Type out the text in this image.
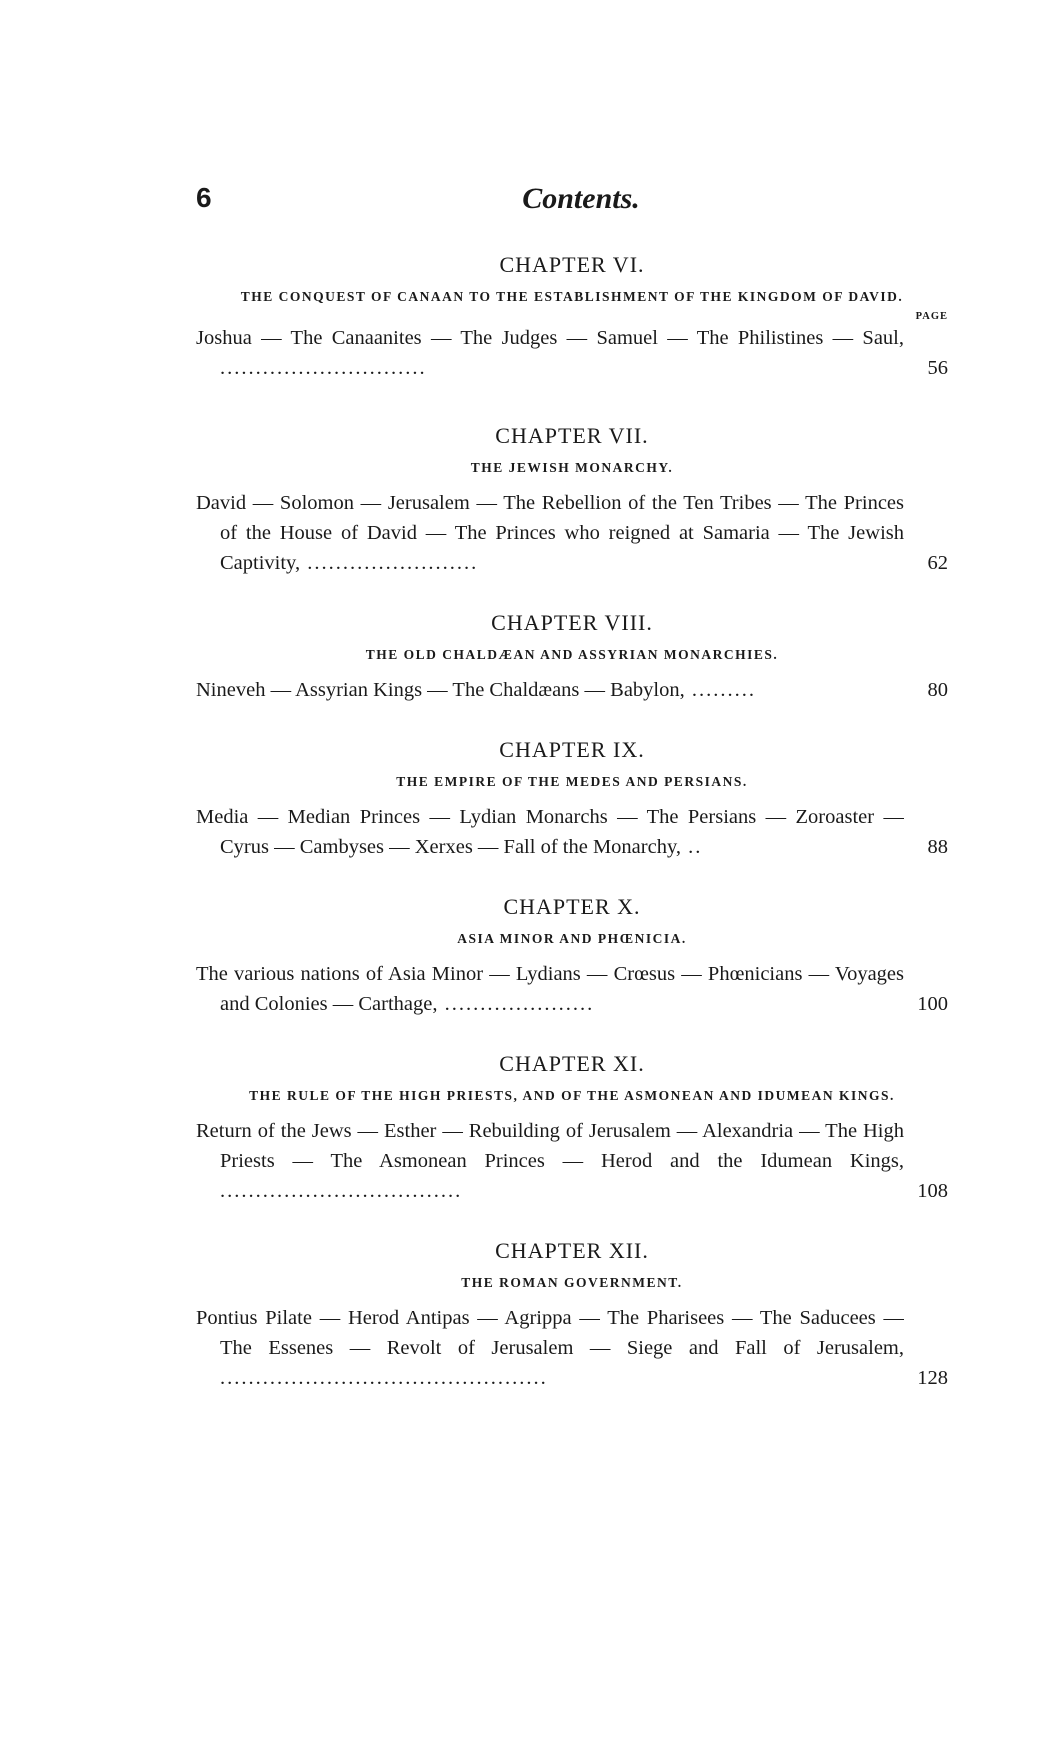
6	Contents.
CHAPTER VI.
THE CONQUEST OF CANAAN TO THE ESTABLISHMENT OF THE KINGDOM OF DAVID.
PAGE
Joshua — The Canaanites — The Judges — Samuel — The Philistines — Saul, .............................	56
CHAPTER VII.
THE JEWISH MONARCHY.
David — Solomon — Jerusalem — The Rebellion of the Ten Tribes — The Princes of the House of David — The Princes who reigned at Samaria — The Jewish Captivity, ........................	62
CHAPTER VIII.
THE OLD CHALDÆAN AND ASSYRIAN MONARCHIES.
Nineveh — Assyrian Kings — The Chaldæans — Babylon, .........	80
CHAPTER IX.
THE EMPIRE OF THE MEDES AND PERSIANS.
Media — Median Princes — Lydian Monarchs — The Persians — Zoroaster — Cyrus — Cambyses — Xerxes — Fall of the Monarchy, ..	88
CHAPTER X.
ASIA MINOR AND PHŒNICIA.
The various nations of Asia Minor — Lydians — Crœsus — Phœnicians — Voyages and Colonies — Carthage, .....................	100
CHAPTER XI.
THE RULE OF THE HIGH PRIESTS, AND OF THE ASMONEAN AND IDUMEAN KINGS.
Return of the Jews — Esther — Rebuilding of Jerusalem — Alexandria — The High Priests — The Asmonean Princes — Herod and the Idumean Kings, ..................................	108
CHAPTER XII.
THE ROMAN GOVERNMENT.
Pontius Pilate — Herod Antipas — Agrippa — The Pharisees — The Saducees — The Essenes — Revolt of Jerusalem — Siege and Fall of Jerusalem, ..............................................	128
